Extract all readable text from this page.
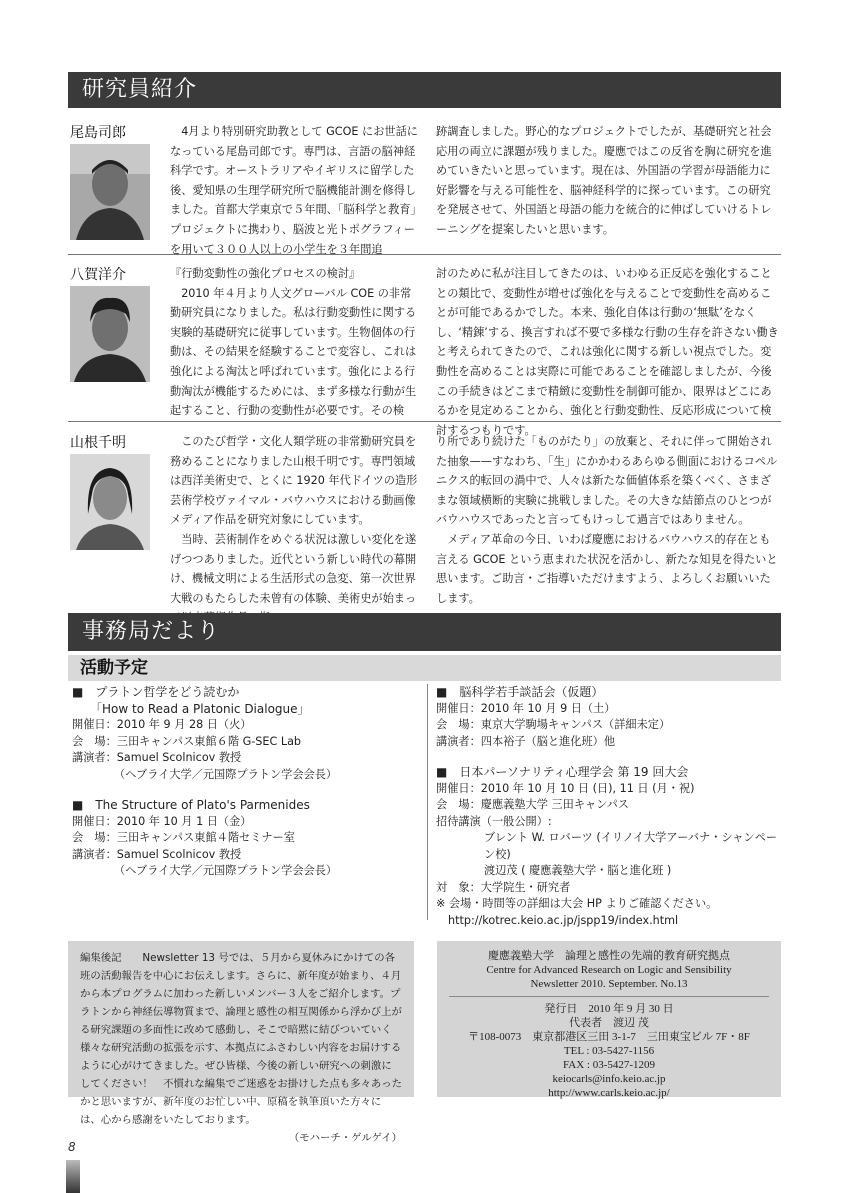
研究員紹介
尾島司郎	　4月より特別研究助教として GCOE にお世話になっている尾島司郎です。専門は、言語の脳神経科学です。オーストラリアやイギリスに留学した後、愛知県の生理学研究所で脳機能計測を修得しました。首都大学東京で５年間、「脳科学と教育」プロジェクトに携わり、脳波と光トポグラフィーを用いて３００人以上の小学生を３年間追

跡調査しました。野心的なプロジェクトでしたが、基礎研究と社会応用の両立に課題が残りました。慶應ではこの反省を胸に研究を進めていきたいと思っています。現在は、外国語の学習が母語能力に好影響を与える可能性を、脳神経科学的に探っています。この研究を発展させて、外国語と母語の能力を統合的に伸ばしていけるトレーニングを提案したいと思います。

八賀洋介	『行動変動性の強化プロセスの検討』

　2010 年４月より人文グローバル COE の非常勤研究員になりました。私は行動変動性に関する実験的基礎研究に従事しています。生物個体の行動は、その結果を経験することで変容し、これは強化による淘汰と呼ばれています。強化による行動淘汰が機能するためには、まず多様な行動が生起すること、行動の変動性が必要です。その検

討のために私が注目してきたのは、いわゆる正反応を強化することとの類比で、変動性が増せば強化を与えることで変動性を高めることが可能であるかでした。本来、強化自体は行動の‘無駄’をなくし、‘精錬’する、換言すれば不要で多様な行動の生存を許さない働きと考えられてきたので、これは強化に関する新しい視点でした。変動性を高めることは実際に可能であることを確認しましたが、今後この手続きはどこまで精緻に変動性を制御可能か、限界はどこにあるかを見定めることから、強化と行動変動性、反応形成について検討するつもりです。

山根千明	　このたび哲学・文化人類学班の非常勤研究員を務めることになりました山根千明です。専門領域は西洋美術史で、とくに 1920 年代ドイツの造形芸術学校ヴァイマル・バウハウスにおける動画像メディア作品を研究対象にしています。

　当時、芸術制作をめぐる状況は激しい変化を遂げつつありました。近代という新しい時代の幕開け、機械文明による生活形式の急変、第一次世界大戦のもたらした未曾有の体験、美術史が始まっ

り所であり続けた「ものがたり」の放棄と、それに伴って開始された抽象——すなわち、「生」にかかわるあらゆる側面におけるコペルニクス的転回の渦中で、人々は新たな価値体系を築くべく、さまざまな領域横断的実験に挑戦しました。その大きな結節点のひとつがバウハウスであったと言ってもけっして過言ではありません。

　メディア革命の今日、いわば慶應におけるバウハウス的存在とも言える GCOE という恵まれた状況を活かし、新たな知見を得たいと思います。ご助言・ご指導いただけますよう、よろしくお願いいたします。

事務局だより
活動予定
■　プラトン哲学をどう読むか
　　「How to Read a Platonic Dialogue」
開催日： 2010 年 9 月 28 日（火）
会　場： 三田キャンパス東館６階 G-SEC Lab
講演者： Samuel Scolnicov 教授
（ヘブライ大学／元国際プラトン学会会長）
■　The Structure of Plato's Parmenides
開催日： 2010 年 10 月 1 日（金）
会　場： 三田キャンパス東館４階セミナー室
講演者： Samuel Scolnicov 教授
（ヘブライ大学／元国際プラトン学会会長）
■　脳科学若手談話会（仮題）
開催日： 2010 年 10 月 9 日（土）
会　場： 東京大学駒場キャンパス（詳細未定）
講演者： 四本裕子（脳と進化班）他
■　日本パーソナリティ心理学会 第 19 回大会
開催日： 2010 年 10 月 10 日 (日), 11 日 (月・祝)
会　場： 慶應義塾大学 三田キャンパス
招待講演（一般公開）:
ブレント W. ロバーツ (イリノイ大学アーバナ・シャンペーン校)
渡辺茂 ( 慶應義塾大学・脳と進化班 )
対　象： 大学院生・研究者
※ 会場・時間等の詳細は大会 HP よりご確認ください。
http://kotrec.keio.ac.jp/jspp19/index.html
編集後記　　Newsletter 13 号では、５月から夏休みにかけての各班の活動報告を中心にお伝えします。さらに、新年度が始まり、４月から本プログラムに加わった新しいメンバー３人をご紹介します。プラトンから神経伝導物質まで、論理と感性の相互関係から浮かび上がる研究課題の多面性に改めて感動し、そこで暗黙に結びついていく様々な研究活動の拡張を示す、本拠点にふさわしい内容をお届けするように心がけてきました。ぜひ皆様、今後の新しい研究への刺激にしてください！　不慣れな編集でご迷惑をお掛けした点も多々あったかと思いますが、新年度のお忙しい中、原稿を執筆頂いた方々には、心から感謝をいたしております。
（モハーチ・ゲルゲイ）
慶應義塾大学　論理と感性の先端的教育研究拠点
Centre for Advanced Research on Logic and Sensibility
Newsletter 2010. September. No.13
発行日　2010 年 9 月 30 日
代表者　渡辺 茂
〒108-0073　東京都港区三田 3-1-7　三田東宝ビル 7F・8F
TEL : 03-5427-1156
FAX : 03-5427-1209
keiocarls@info.keio.ac.jp
http://www.carls.keio.ac.jp/
8
